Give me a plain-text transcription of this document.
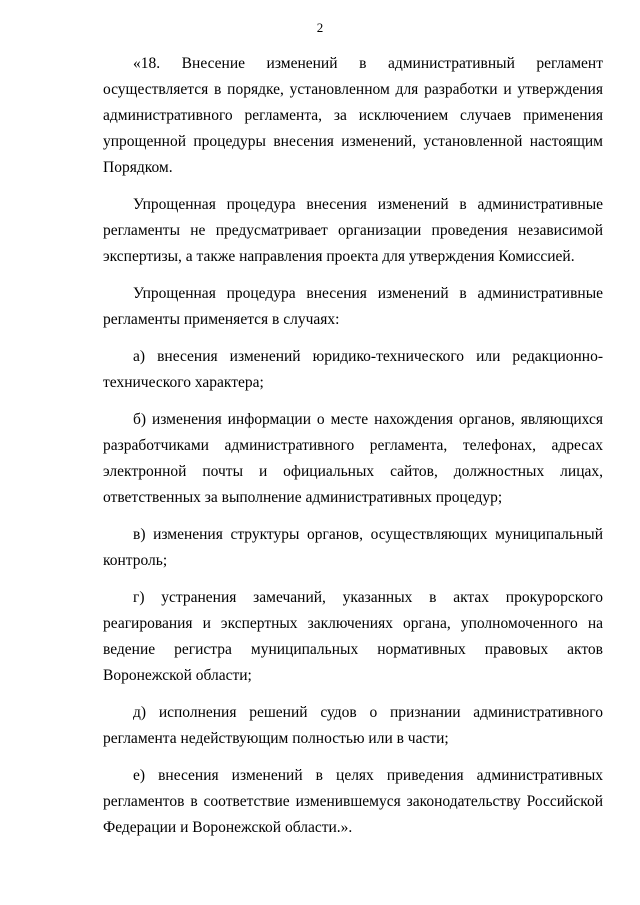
2

«18. Внесение изменений в административный регламент осуществляется в порядке, установленном для разработки и утверждения административного регламента, за исключением случаев применения упрощенной процедуры внесения изменений, установленной настоящим Порядком.

Упрощенная процедура внесения изменений в административные регламенты не предусматривает организации проведения независимой экспертизы, а также направления проекта для утверждения Комиссией.

Упрощенная процедура внесения изменений в административные регламенты применяется в случаях:

а) внесения изменений юридико-технического или редакционно-технического характера;

б) изменения информации о месте нахождения органов, являющихся разработчиками административного регламента, телефонах, адресах электронной почты и официальных сайтов, должностных лицах, ответственных за выполнение административных процедур;

в) изменения структуры органов, осуществляющих муниципальный контроль;

г) устранения замечаний, указанных в актах прокурорского реагирования и экспертных заключениях органа, уполномоченного на ведение регистра муниципальных нормативных правовых актов Воронежской области;

д) исполнения решений судов о признании административного регламента недействующим полностью или в части;

е) внесения изменений в целях приведения административных регламентов в соответствие изменившемуся законодательству Российской Федерации и Воронежской области.».
